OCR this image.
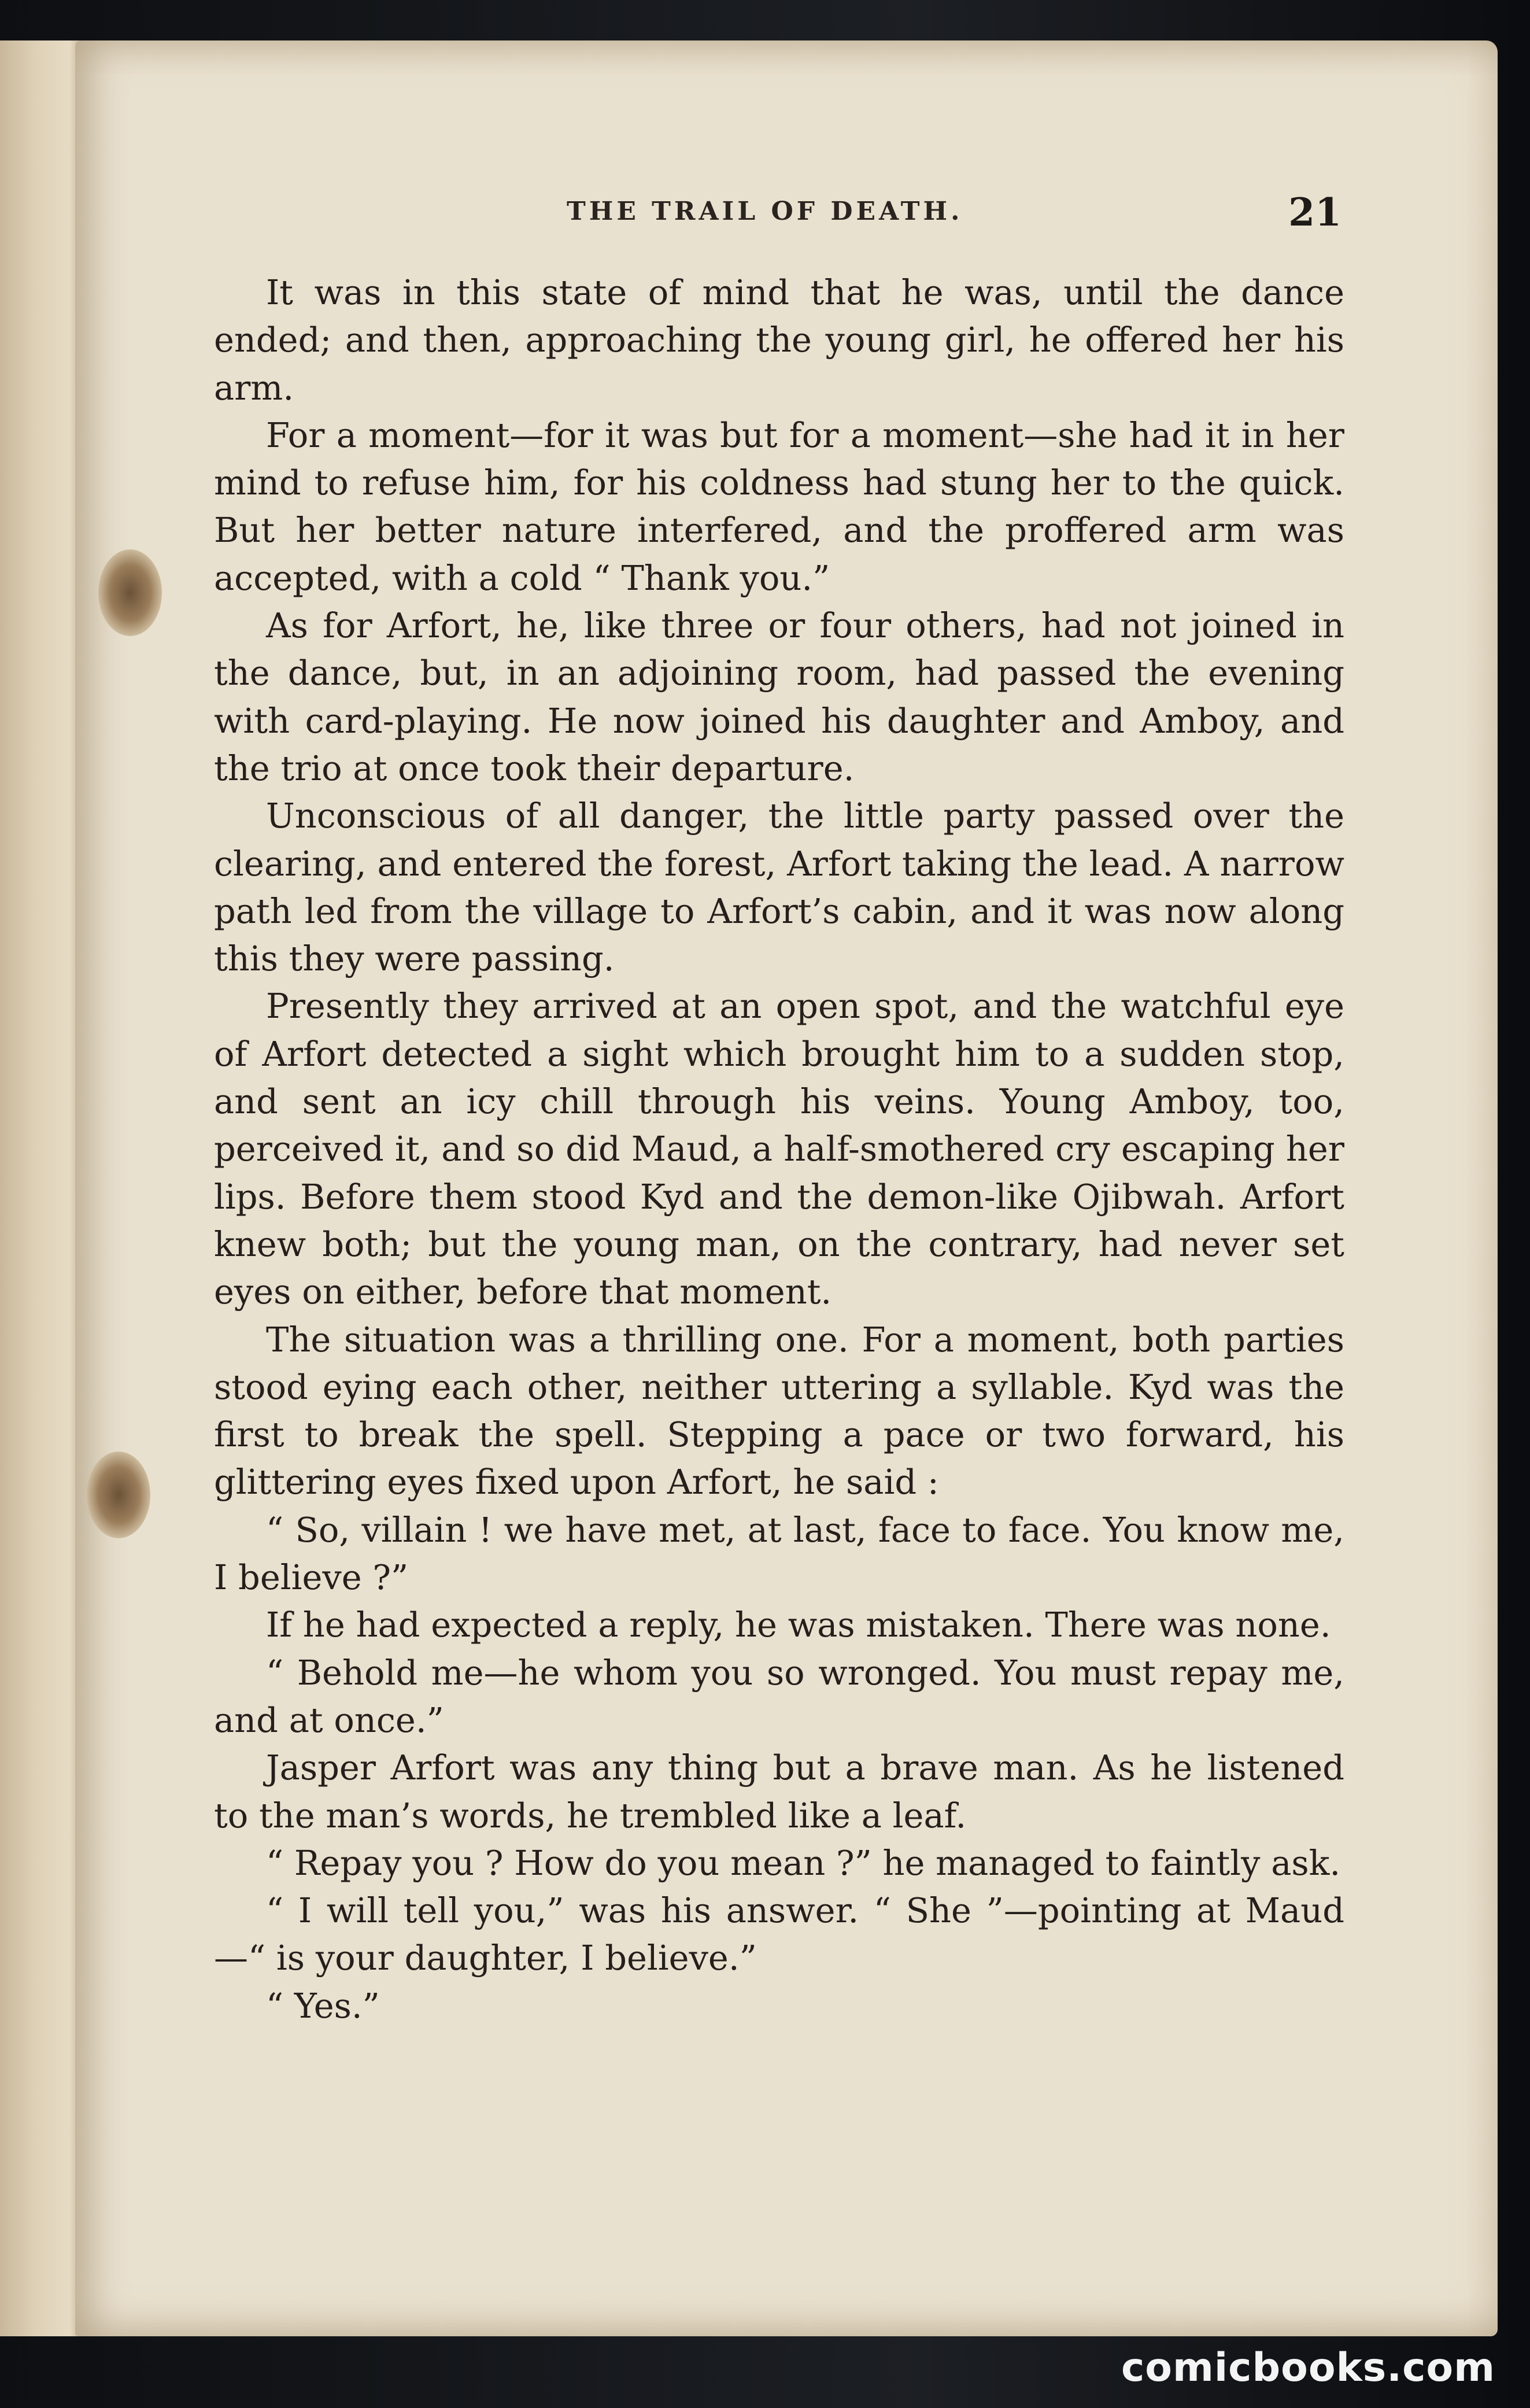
THE TRAIL OF DEATH.	21

It was in this state of mind that he was, until the dance ended; and then, approaching the young girl, he offered her his arm.

For a moment—for it was but for a moment—she had it in her mind to refuse him, for his coldness had stung her to the quick. But her better nature interfered, and the proffered arm was accepted, with a cold “ Thank you.”

As for Arfort, he, like three or four others, had not joined in the dance, but, in an adjoining room, had passed the evening with card-playing. He now joined his daughter and Amboy, and the trio at once took their departure.

Unconscious of all danger, the little party passed over the clearing, and entered the forest, Arfort taking the lead. A narrow path led from the village to Arfort’s cabin, and it was now along this they were passing.

Presently they arrived at an open spot, and the watchful eye of Arfort detected a sight which brought him to a sudden stop, and sent an icy chill through his veins. Young Amboy, too, perceived it, and so did Maud, a half-smothered cry escaping her lips. Before them stood Kyd and the demon-like Ojibwah. Arfort knew both; but the young man, on the contrary, had never set eyes on either, before that moment.

The situation was a thrilling one. For a moment, both parties stood eying each other, neither uttering a syllable. Kyd was the first to break the spell. Stepping a pace or two forward, his glittering eyes fixed upon Arfort, he said :

“ So, villain ! we have met, at last, face to face. You know me, I believe ?”

If he had expected a reply, he was mistaken. There was none.

“ Behold me—he whom you so wronged. You must repay me, and at once.”

Jasper Arfort was any thing but a brave man. As he listened to the man’s words, he trembled like a leaf.

“ Repay you ? How do you mean ?” he managed to faintly ask.

“ I will tell you,” was his answer. “ She ”—pointing at Maud—“ is your daughter, I believe.”

“ Yes.”

comicbooks.com
